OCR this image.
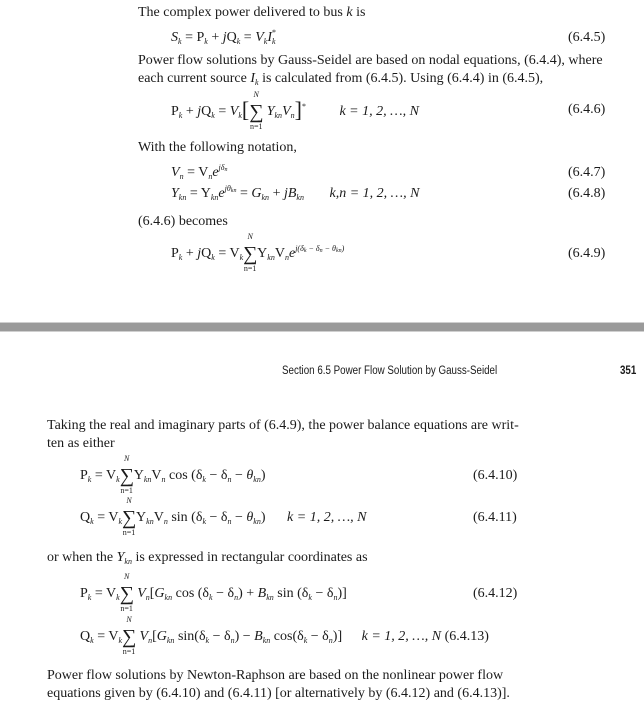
The complex power delivered to bus k is
$S_k = P_k + jQ_k = V_kI^*_k$	(6.4.5)
Power flow solutions by Gauss-Seidel are based on nodal equations, (6.4.4), where
each current source $I_k$ is calculated from (6.4.5). Using (6.4.4) in (6.4.5),
$P_k + jQ_k = V_k[\sum$
N
n=1
$Y_{kn}V_n]^*$ k = 1, 2, …, N	(6.4.6)
With the following notation,
$V_n = V_ne^{j\delta_n}$	(6.4.7)
$Y_{kn} = Y_{kn}e^{j\theta_{kn}} = G_{kn} + jB_{kn}$ k,n = 1, 2, …, N	(6.4.8)
(6.4.6) becomes
$P_k + jQ_k = V_k\sum$
N
n=1
$Y_{kn}V_ne^{j(\delta_k - \delta_n - \theta_{kn})}$	(6.4.9)
Section 6.5 Power Flow Solution by Gauss-Seidel	351
Taking the real and imaginary parts of (6.4.9), the power balance equations are writ-
ten as either
$P_k = V_k\sum$
N
n=1
$Y_{kn}V_n$ $\cos (\delta_k - \delta_n - \theta_{kn})$	(6.4.10)
$Q_k = V_k\sum$
N
n=1
$Y_{kn}V_n$ $\sin (\delta_k - \delta_n - \theta_{kn}) k = 1$, 2, …, N	(6.4.11)
or when the $Y_{kn}$ is expressed in rectangular coordinates as
$P_k = V_k\sum$
N
n=1
$V_n[G_{kn}$ $\cos (\delta_k - \delta_n) + B_{kn}$ $\sin (\delta_k - \delta_n)$]	(6.4.12)
$Q_k = V_k\sum$
N
n=1
$V_n[G_{kn}$ $\sin(\delta_k - \delta_n) - B_{kn}$ $\cos(\delta_k - \delta_n)$] k = 1, 2, …, N (6.4.13)
Power flow solutions by Newton-Raphson are based on the nonlinear power flow
equations given by (6.4.10) and (6.4.11) [or alternatively by (6.4.12) and (6.4.13)].
